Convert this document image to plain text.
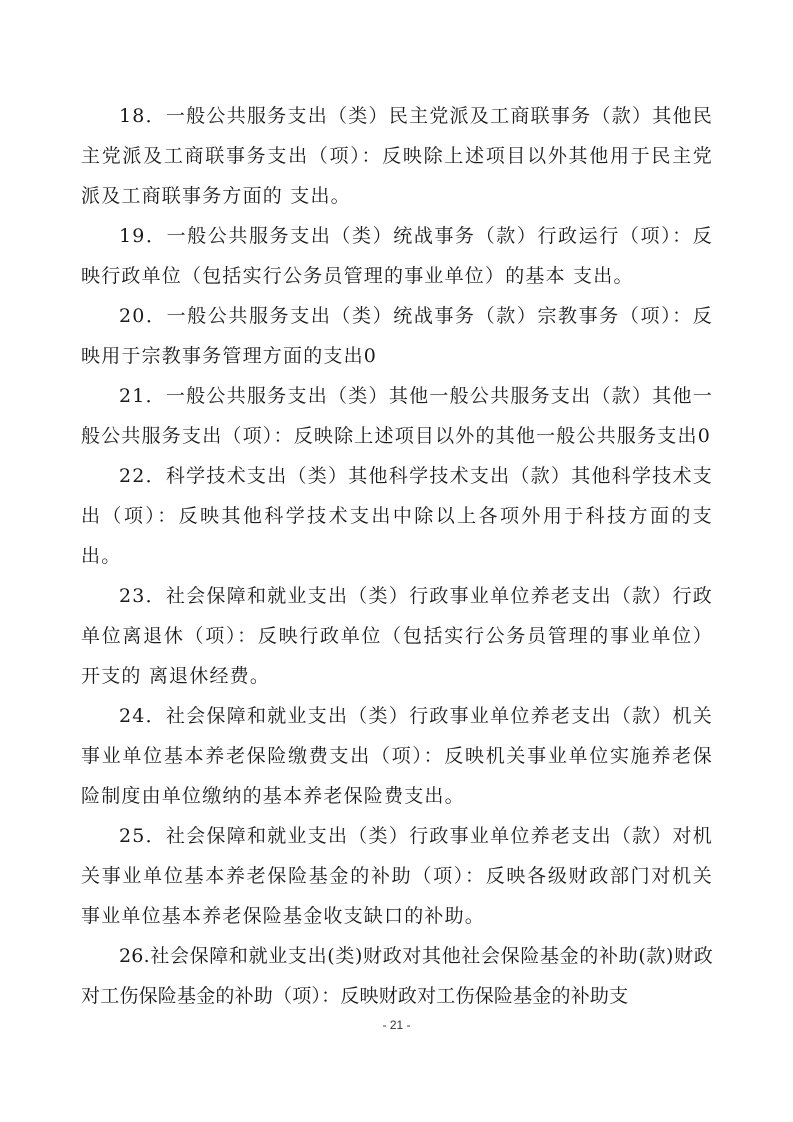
18．一般公共服务支出（类）民主党派及工商联事务（款）其他民主党派及工商联事务支出（项）：反映除上述项目以外其他用于民主党派及工商联事务方面的 支出。

19．一般公共服务支出（类）统战事务（款）行政运行（项）：反映行政单位（包括实行公务员管理的事业单位）的基本 支出。

20．一般公共服务支出（类）统战事务（款）宗教事务（项）：反映用于宗教事务管理方面的支出0

21．一般公共服务支出（类）其他一般公共服务支出（款）其他一般公共服务支出（项）：反映除上述项目以外的其他一般公共服务支出0

22．科学技术支出（类）其他科学技术支出（款）其他科学技术支出（项）：反映其他科学技术支出中除以上各项外用于科技方面的支出。

23．社会保障和就业支出（类）行政事业单位养老支出（款）行政单位离退休（项）：反映行政单位（包括实行公务员管理的事业单位）开支的 离退休经费。

24．社会保障和就业支出（类）行政事业单位养老支出（款）机关事业单位基本养老保险缴费支出（项）：反映机关事业单位实施养老保险制度由单位缴纳的基本养老保险费支出。

25．社会保障和就业支出（类）行政事业单位养老支出（款）对机关事业单位基本养老保险基金的补助（项）：反映各级财政部门对机关事业单位基本养老保险基金收支缺口的补助。

26.社会保障和就业支出(类)财政对其他社会保险基金的补助(款)财政对工伤保险基金的补助（项）：反映财政对工伤保险基金的补助支

- 21 -
